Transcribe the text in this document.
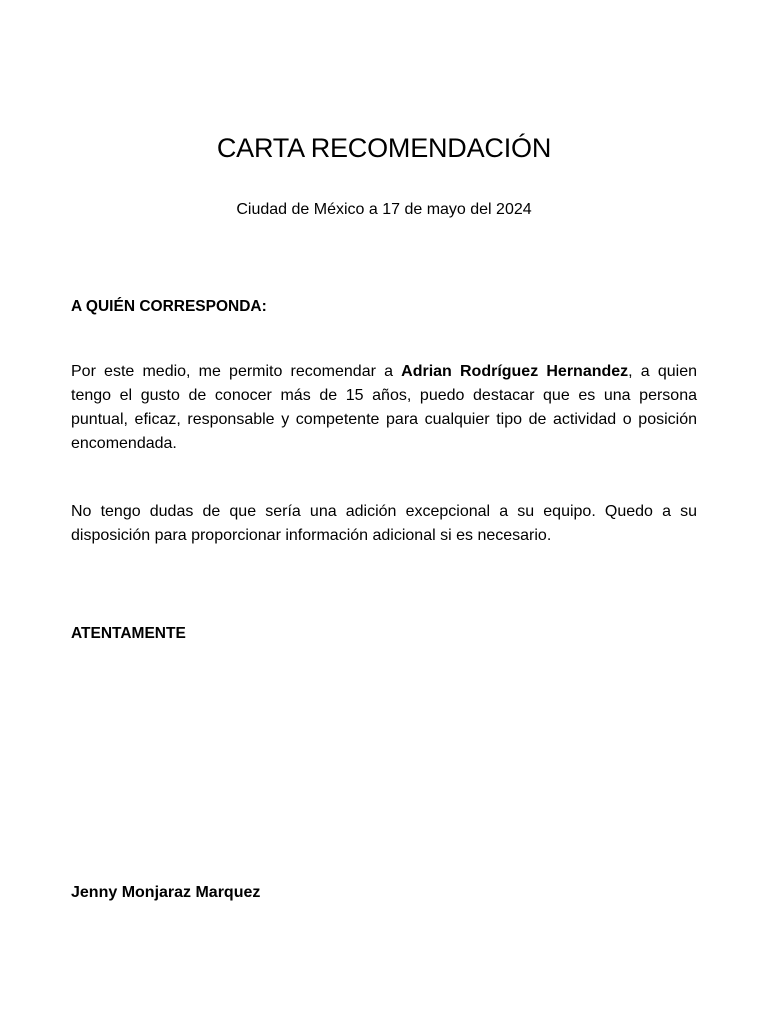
CARTA RECOMENDACIÓN
Ciudad de México a 17 de mayo del 2024
A QUIÉN CORRESPONDA:

Por este medio, me permito recomendar a Adrian Rodríguez Hernandez, a quien tengo el gusto de conocer más de 15 años, puedo destacar que es una persona puntual, eficaz, responsable y competente para cualquier tipo de actividad o posición encomendada.

No tengo dudas de que sería una adición excepcional a su equipo. Quedo a su disposición para proporcionar información adicional si es necesario.

ATENTAMENTE
Jenny Monjaraz Marquez
